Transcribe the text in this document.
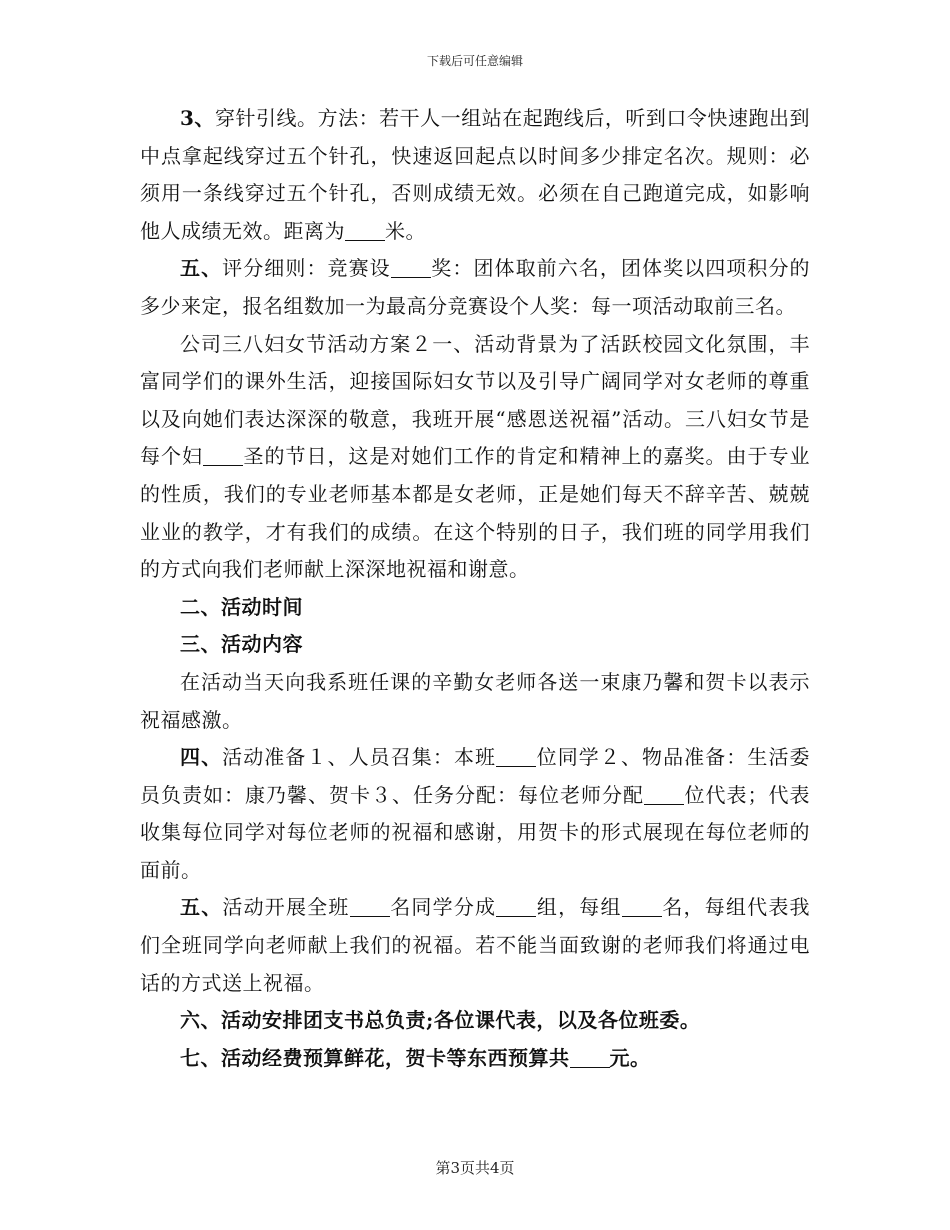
下载后可任意编辑

3、穿针引线。方法：若干人一组站在起跑线后，听到口令快速跑出到中点拿起线穿过五个针孔，快速返回起点以时间多少排定名次。规则：必须用一条线穿过五个针孔，否则成绩无效。必须在自己跑道完成，如影响他人成绩无效。距离为 米。

五、评分细则：竞赛设 奖：团体取前六名，团体奖以四项积分的多少来定，报名组数加一为最高分竞赛设个人奖：每一项活动取前三名。

公司三八妇女节活动方案２一、活动背景为了活跃校园文化氛围，丰富同学们的课外生活，迎接国际妇女节以及引导广阔同学对女老师的尊重以及向她们表达深深的敬意，我班开展“感恩送祝福”活动。三八妇女节是每个妇 圣的节日，这是对她们工作的肯定和精神上的嘉奖。由于专业的性质，我们的专业老师基本都是女老师，正是她们每天不辞辛苦、兢兢业业的教学，才有我们的成绩。在这个特别的日子，我们班的同学用我们的方式向我们老师献上深深地祝福和谢意。

二、活动时间

三、活动内容

在活动当天向我系班任课的辛勤女老师各送一束康乃馨和贺卡以表示祝福感激。

四、活动准备１、人员召集：本班 位同学２、物品准备：生活委员负责如：康乃馨、贺卡３、任务分配：每位老师分配 位代表；代表收集每位同学对每位老师的祝福和感谢，用贺卡的形式展现在每位老师的面前。

五、活动开展全班 名同学分成 组，每组 名，每组代表我们全班同学向老师献上我们的祝福。若不能当面致谢的老师我们将通过电话的方式送上祝福。

六、活动安排团支书总负责;各位课代表，以及各位班委。

七、活动经费预算鲜花，贺卡等东西预算共 元。

第3页共4页
